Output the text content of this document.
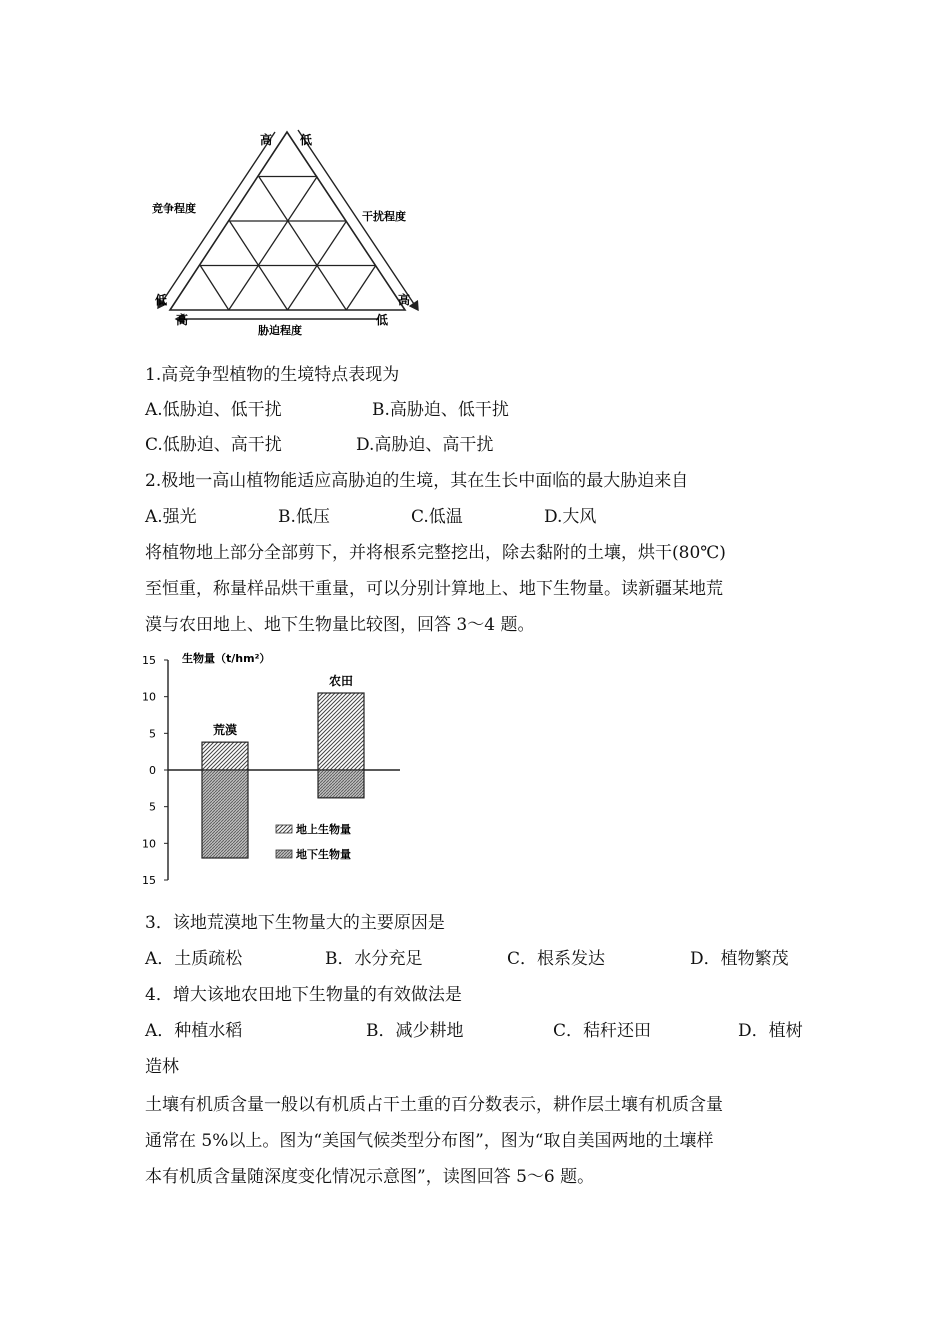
高 低
竞争程度
干扰程度
低	高
高	低
胁迫程度
1.高竞争型植物的生境特点表现为
A.低胁迫、低干扰	B.高胁迫、低干扰
C.低胁迫、高干扰	D.高胁迫、高干扰
2.极地一高山植物能适应高胁迫的生境，其在生长中面临的最大胁迫来自
A.强光	B.低压	C.低温	D.大风
将植物地上部分全部剪下，并将根系完整挖出，除去黏附的土壤，烘干(80℃)
至恒重，称量样品烘干重量，可以分别计算地上、地下生物量。读新疆某地荒
漠与农田地上、地下生物量比较图，回答 3～4 题。
15
10
5
0
5
10
15
荒漠
农田
生物量（t/hm²）
地上生物量
地下生物量
3．该地荒漠地下生物量大的主要原因是
A．土质疏松	B．水分充足	C．根系发达	D．植物繁茂
4．增大该地农田地下生物量的有效做法是
A．种植水稻	B．减少耕地	C．秸秆还田	D．植树
造林
土壤有机质含量一般以有机质占干土重的百分数表示，耕作层土壤有机质含量
通常在 5%以上。图为“美国气候类型分布图”，图为“取自美国两地的土壤样
本有机质含量随深度变化情况示意图”，读图回答 5～6 题。
